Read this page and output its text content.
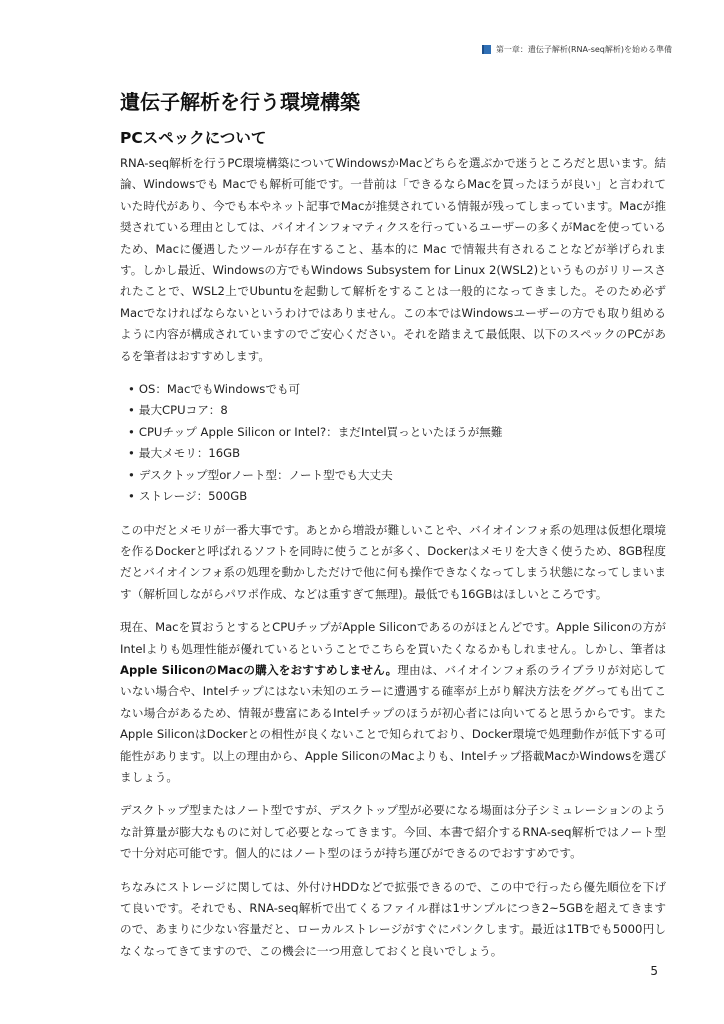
第一章：遺伝子解析(RNA-seq解析)を始める準備
遺伝子解析を行う環境構築
PCスペックについて

RNA-seq解析を行うPC環境構築についてWindowsかMacどちらを選ぶかで迷うところだと思います。結論、Windowsでも Macでも解析可能です。一昔前は「できるならMacを買ったほうが良い」と言われていた時代があり、今でも本やネット記事でMacが推奨されている情報が残ってしまっています。Macが推奨されている理由としては、バイオインフォマティクスを行っているユーザーの多くがMacを使っているため、Macに優遇したツールが存在すること、基本的に Mac で情報共有されることなどが挙げられます。しかし最近、Windowsの方でもWindows Subsystem for Linux 2(WSL2)というものがリリースされたことで、WSL2上でUbuntuを起動して解析をすることは一般的になってきました。そのため必ずMacでなければならないというわけではありません。この本ではWindowsユーザーの方でも取り組めるように内容が構成されていますのでご安心ください。それを踏まえて最低限、以下のスペックのPCがあるを筆者はおすすめします。

• OS：MacでもWindowsでも可
• 最大CPUコア：8
• CPUチップ Apple Silicon or Intel?：まだIntel買っといたほうが無難
• 最大メモリ：16GB
• デスクトップ型orノート型：ノート型でも大丈夫
• ストレージ：500GB

この中だとメモリが一番大事です。あとから増設が難しいことや、バイオインフォ系の処理は仮想化環境を作るDockerと呼ばれるソフトを同時に使うことが多く、Dockerはメモリを大きく使うため、8GB程度だとバイオインフォ系の処理を動かしただけで他に何も操作できなくなってしまう状態になってしまいます（解析回しながらパワポ作成、などは重すぎて無理)。最低でも16GBはほしいところです。

現在、Macを買おうとするとCPUチップがApple Siliconであるのがほとんどです。Apple Siliconの方がIntelよりも処理性能が優れているということでこちらを買いたくなるかもしれません。しかし、筆者はApple SiliconのMacの購入をおすすめしません。理由は、バイオインフォ系のライブラリが対応していない場合や、Intelチップにはない未知のエラーに遭遇する確率が上がり解決方法をググっても出てこない場合があるため、情報が豊富にあるIntelチップのほうが初心者には向いてると思うからです。またApple SiliconはDockerとの相性が良くないことで知られており、Docker環境で処理動作が低下する可能性があります。以上の理由から、Apple SiliconのMacよりも、Intelチップ搭載MacかWindowsを選びましょう。

デスクトップ型またはノート型ですが、デスクトップ型が必要になる場面は分子シミュレーションのような計算量が膨大なものに対して必要となってきます。今回、本書で紹介するRNA-seq解析ではノート型で十分対応可能です。個人的にはノート型のほうが持ち運びができるのでおすすめです。

ちなみにストレージに関しては、外付けHDDなどで拡張できるので、この中で行ったら優先順位を下げて良いです。それでも、RNA-seq解析で出てくるファイル群は1サンプルにつき2~5GBを超えてきますので、あまりに少ない容量だと、ローカルストレージがすぐにパンクします。最近は1TBでも5000円しなくなってきてますので、この機会に一つ用意しておくと良いでしょう。

5
